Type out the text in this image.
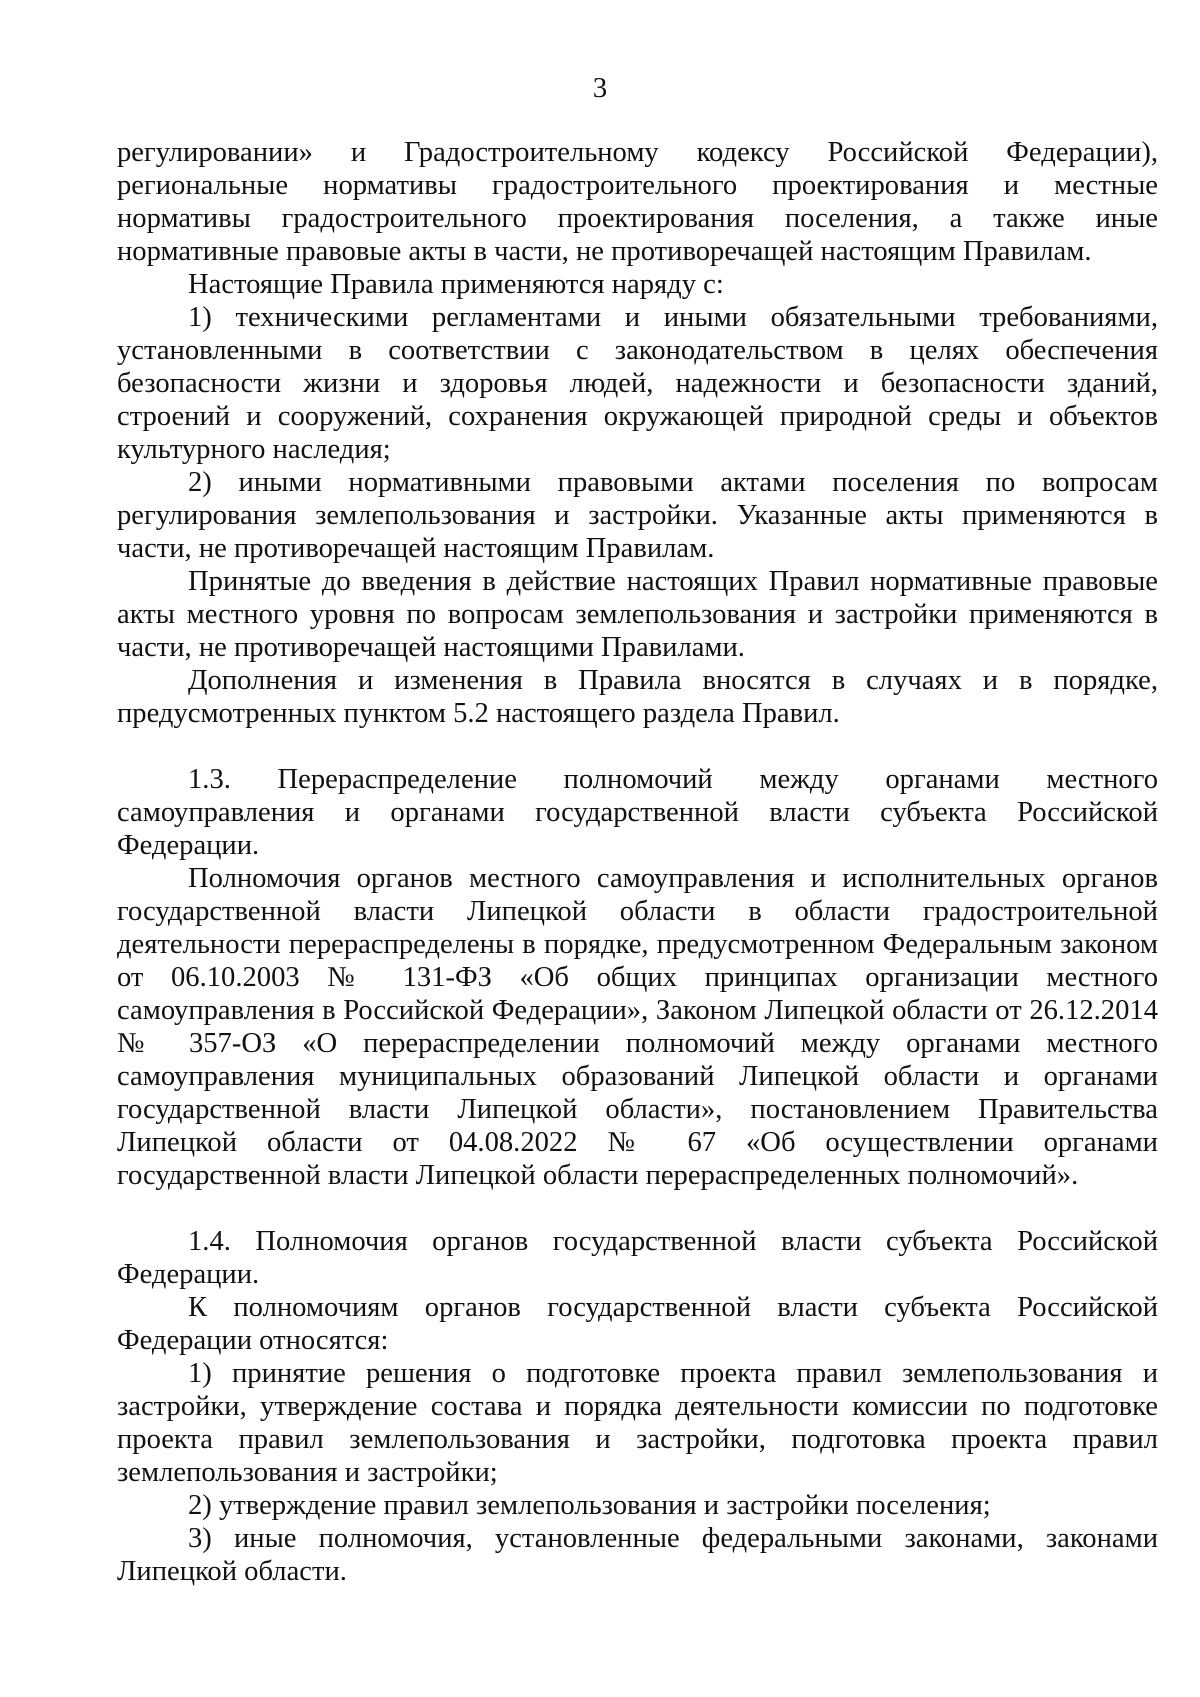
3

регулировании» и Градостроительному кодексу Российской Федерации), региональные нормативы градостроительного проектирования и местные нормативы градостроительного проектирования поселения, а также иные нормативные правовые акты в части, не противоречащей настоящим Правилам.

Настоящие Правила применяются наряду с:

1) техническими регламентами и иными обязательными требованиями, установленными в соответствии с законодательством в целях обеспечения безопасности жизни и здоровья людей, надежности и безопасности зданий, строений и сооружений, сохранения окружающей природной среды и объектов культурного наследия;

2) иными нормативными правовыми актами поселения по вопросам регулирования землепользования и застройки. Указанные акты применяются в части, не противоречащей настоящим Правилам.

Принятые до введения в действие настоящих Правил нормативные правовые акты местного уровня по вопросам землепользования и застройки применяются в части, не противоречащей настоящими Правилами.

Дополнения и изменения в Правила вносятся в случаях и в порядке, предусмотренных пунктом 5.2 настоящего раздела Правил.

1.3. Перераспределение полномочий между органами местного самоуправления и органами государственной власти субъекта Российской Федерации.

Полномочия органов местного самоуправления и исполнительных органов государственной власти Липецкой области в области градостроительной деятельности перераспределены в порядке, предусмотренном Федеральным законом от 06.10.2003 № 131-ФЗ «Об общих принципах организации местного самоуправления в Российской Федерации», Законом Липецкой области от 26.12.2014 № 357-ОЗ «О перераспределении полномочий между органами местного самоуправления муниципальных образований Липецкой области и органами государственной власти Липецкой области», постановлением Правительства Липецкой области от 04.08.2022 № 67 «Об осуществлении органами государственной власти Липецкой области перераспределенных полномочий».

1.4. Полномочия органов государственной власти субъекта Российской Федерации.

К полномочиям органов государственной власти субъекта Российской Федерации относятся:

1) принятие решения о подготовке проекта правил землепользования и застройки, утверждение состава и порядка деятельности комиссии по подготовке проекта правил землепользования и застройки, подготовка проекта правил землепользования и застройки;

2) утверждение правил землепользования и застройки поселения;

3) иные полномочия, установленные федеральными законами, законами Липецкой области.
